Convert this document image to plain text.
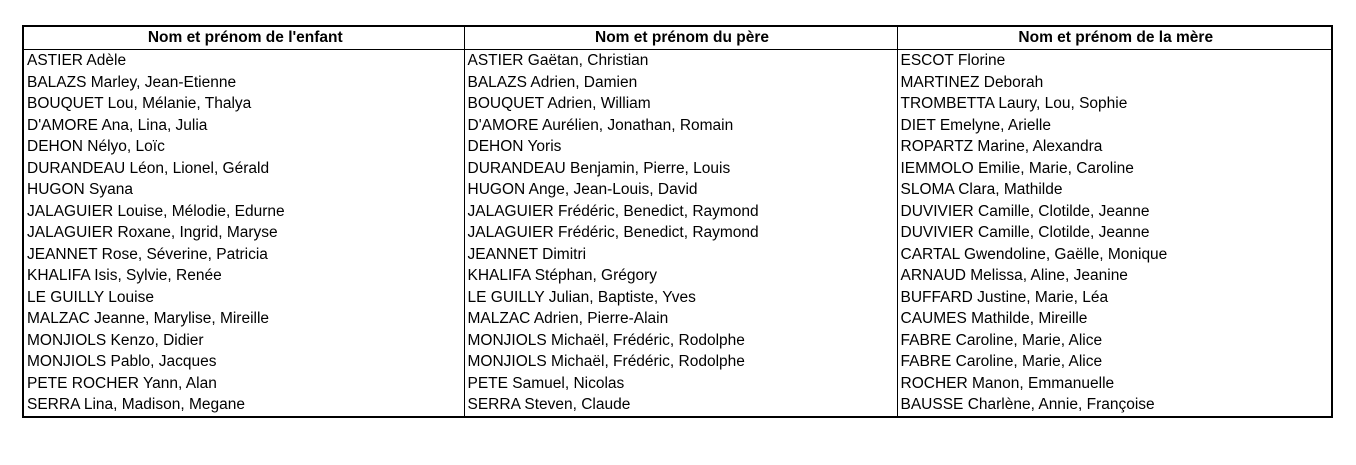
Nom et prénom de l'enfant	Nom et prénom du père	Nom et prénom de la mère
ASTIER Adèle	ASTIER Gaëtan, Christian	ESCOT Florine
BALAZS Marley, Jean-Etienne	BALAZS Adrien, Damien	MARTINEZ Deborah
BOUQUET Lou, Mélanie, Thalya	BOUQUET Adrien, William	TROMBETTA Laury, Lou, Sophie
D'AMORE Ana, Lina, Julia	D'AMORE Aurélien, Jonathan, Romain	DIET Emelyne, Arielle
DEHON Nélyo, Loïc	DEHON Yoris	ROPARTZ Marine, Alexandra
DURANDEAU Léon, Lionel, Gérald	DURANDEAU Benjamin, Pierre, Louis	IEMMOLO Emilie, Marie, Caroline
HUGON Syana	HUGON Ange, Jean-Louis, David	SLOMA Clara, Mathilde
JALAGUIER Louise, Mélodie, Edurne	JALAGUIER Frédéric, Benedict, Raymond	DUVIVIER Camille, Clotilde, Jeanne
JALAGUIER Roxane, Ingrid, Maryse	JALAGUIER Frédéric, Benedict, Raymond	DUVIVIER Camille, Clotilde, Jeanne
JEANNET Rose, Séverine, Patricia	JEANNET Dimitri	CARTAL Gwendoline, Gaëlle, Monique
KHALIFA Isis, Sylvie, Renée	KHALIFA Stéphan, Grégory	ARNAUD Melissa, Aline, Jeanine
LE GUILLY Louise	LE GUILLY Julian, Baptiste, Yves	BUFFARD Justine, Marie, Léa
MALZAC Jeanne, Marylise, Mireille	MALZAC Adrien, Pierre-Alain	CAUMES Mathilde, Mireille
MONJIOLS Kenzo, Didier	MONJIOLS Michaël, Frédéric, Rodolphe	FABRE Caroline, Marie, Alice
MONJIOLS Pablo, Jacques	MONJIOLS Michaël, Frédéric, Rodolphe	FABRE Caroline, Marie, Alice
PETE ROCHER Yann, Alan	PETE Samuel, Nicolas	ROCHER Manon, Emmanuelle
SERRA Lina, Madison, Megane	SERRA Steven, Claude	BAUSSE Charlène, Annie, Françoise
